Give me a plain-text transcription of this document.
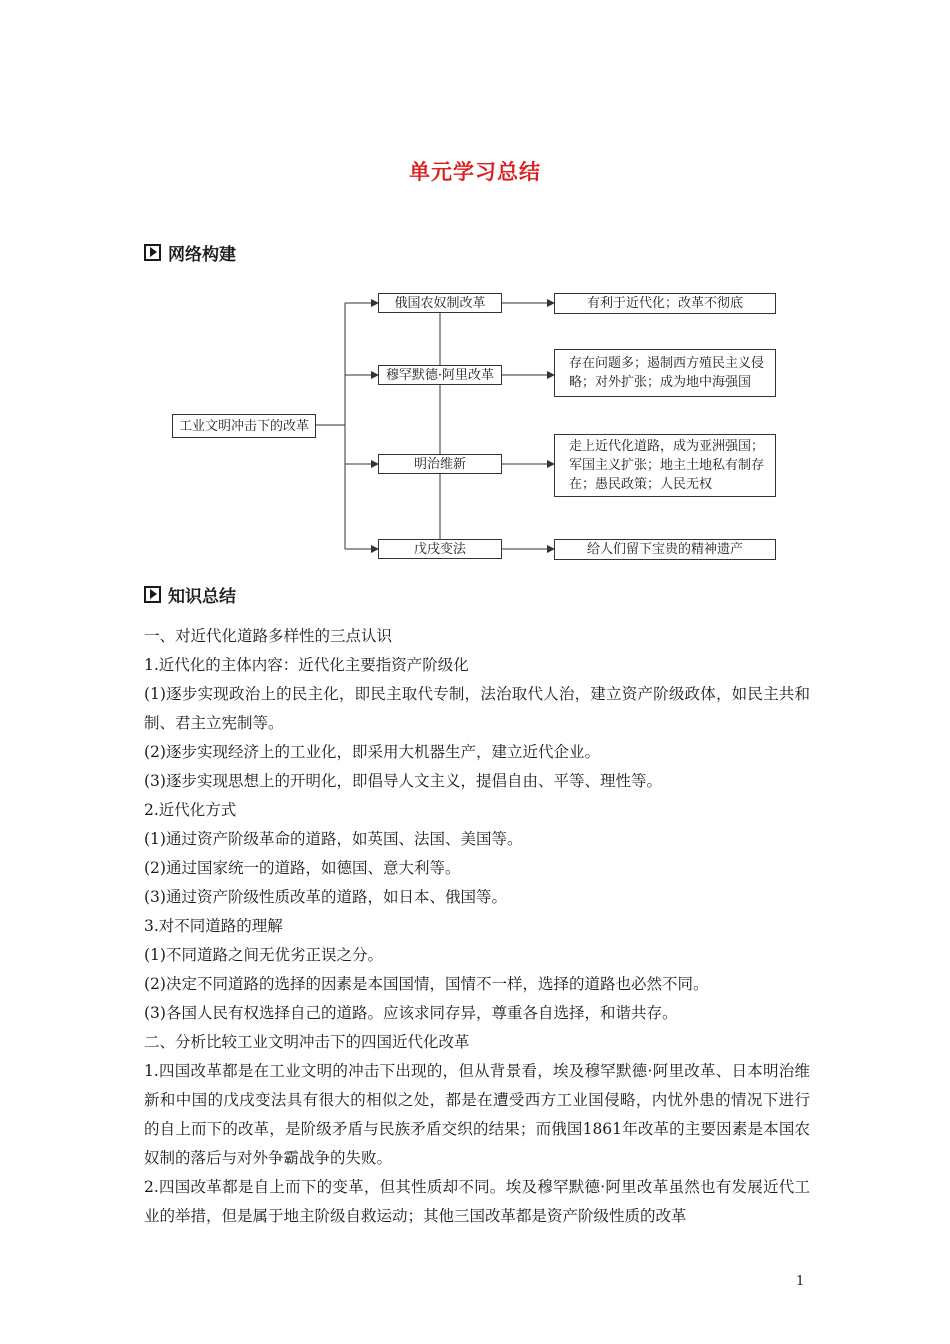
单元学习总结
网络构建
工业文明冲击下的改革
俄国农奴制改革
穆罕默德·阿里改革
明治维新
戊戌变法
有利于近代化；改革不彻底
存在问题多；遏制西方殖民主义侵略；对外扩张；成为地中海强国
走上近代化道路，成为亚洲强国；军国主义扩张；地主土地私有制存在；愚民政策；人民无权
给人们留下宝贵的精神遗产
知识总结

一、对近代化道路多样性的三点认识

1.近代化的主体内容：近代化主要指资产阶级化

(1)逐步实现政治上的民主化，即民主取代专制，法治取代人治，建立资产阶级政体，如民主共和制、君主立宪制等。

(2)逐步实现经济上的工业化，即采用大机器生产，建立近代企业。

(3)逐步实现思想上的开明化，即倡导人文主义，提倡自由、平等、理性等。

2.近代化方式

(1)通过资产阶级革命的道路，如英国、法国、美国等。

(2)通过国家统一的道路，如德国、意大利等。

(3)通过资产阶级性质改革的道路，如日本、俄国等。

3.对不同道路的理解

(1)不同道路之间无优劣正误之分。

(2)决定不同道路的选择的因素是本国国情，国情不一样，选择的道路也必然不同。

(3)各国人民有权选择自己的道路。应该求同存异，尊重各自选择，和谐共存。

二、分析比较工业文明冲击下的四国近代化改革

1.四国改革都是在工业文明的冲击下出现的，但从背景看，埃及穆罕默德·阿里改革、日本明治维新和中国的戊戌变法具有很大的相似之处，都是在遭受西方工业国侵略，内忧外患的情况下进行的自上而下的改革，是阶级矛盾与民族矛盾交织的结果；而俄国1861年改革的主要因素是本国农奴制的落后与对外争霸战争的失败。

2.四国改革都是自上而下的变革，但其性质却不同。埃及穆罕默德·阿里改革虽然也有发展近代工业的举措，但是属于地主阶级自救运动；其他三国改革都是资产阶级性质的改革

1
